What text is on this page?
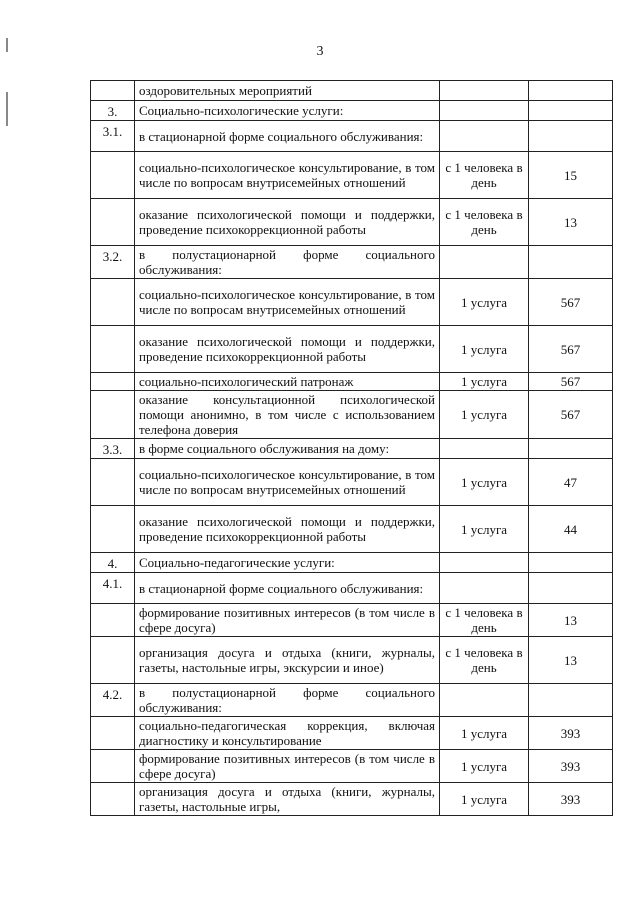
3
	оздоровительных мероприятий		
3.	Социально-психологические услуги:		
3.1.	в стационарной форме социального обслуживания:		
	социально-психологическое консультирование, в том числе по вопросам внутрисемейных отношений	с 1 человека в день	15
	оказание психологической помощи и поддержки, проведение психокоррекционной работы	с 1 человека в день	13
3.2.	в полустационарной форме социального обслуживания:		
	социально-психологическое консультирование, в том числе по вопросам внутрисемейных отношений	1 услуга	567
	оказание психологической помощи и поддержки, проведение психокоррекционной работы	1 услуга	567
	социально-психологический патронаж	1 услуга	567
	оказание консультационной психологической помощи анонимно, в том числе с использованием телефона доверия	1 услуга	567
3.3.	в форме социального обслуживания на дому:		
	социально-психологическое консультирование, в том числе по вопросам внутрисемейных отношений	1 услуга	47
	оказание психологической помощи и поддержки, проведение психокоррекционной работы	1 услуга	44
4.	Социально-педагогические услуги:		
4.1.	в стационарной форме социального обслуживания:		
	формирование позитивных интересов (в том числе в сфере досуга)	с 1 человека в день	13
	организация досуга и отдыха (книги, журналы, газеты, настольные игры, экскурсии и иное)	с 1 человека в день	13
4.2.	в полустационарной форме социального обслуживания:		
	социально-педагогическая коррекция, включая диагностику и консультирование	1 услуга	393
	формирование позитивных интересов (в том числе в сфере досуга)	1 услуга	393
	организация досуга и отдыха (книги, журналы, газеты, настольные игры,	1 услуга	393
